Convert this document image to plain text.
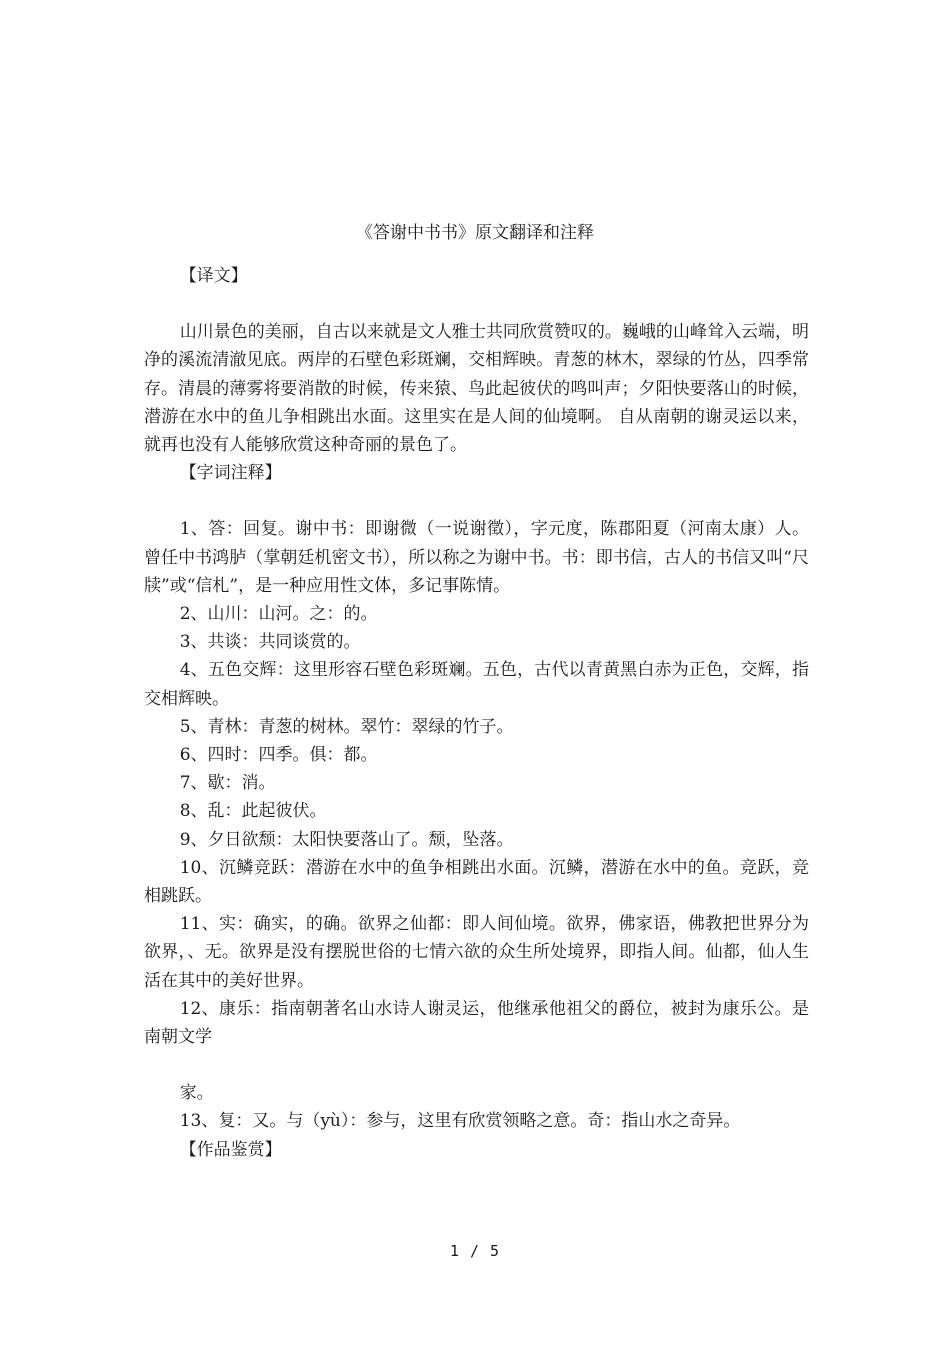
《答谢中书书》原文翻译和注释

【译文】

山川景色的美丽，自古以来就是文人雅士共同欣赏赞叹的。巍峨的山峰耸入云端，明净的溪流清澈见底。两岸的石壁色彩斑斓，交相辉映。青葱的林木，翠绿的竹丛，四季常存。清晨的薄雾将要消散的时候，传来猿、鸟此起彼伏的鸣叫声；夕阳快要落山的时候，潜游在水中的鱼儿争相跳出水面。这里实在是人间的仙境啊。 自从南朝的谢灵运以来，就再也没有人能够欣赏这种奇丽的景色了。

【字词注释】

1、答：回复。谢中书：即谢微（一说谢徵），字元度，陈郡阳夏（河南太康）人。曾任中书鸿胪（掌朝廷机密文书），所以称之为谢中书。书：即书信，古人的书信又叫“尺牍”或“信札”，是一种应用性文体，多记事陈情。

2、山川：山河。之：的。

3、共谈：共同谈赏的。

4、五色交辉：这里形容石壁色彩斑斓。五色，古代以青黄黑白赤为正色，交辉，指交相辉映。

5、青林：青葱的树林。翠竹：翠绿的竹子。

6、四时：四季。俱：都。

7、歇：消。

8、乱：此起彼伏。

9、夕日欲颓：太阳快要落山了。颓，坠落。

10、沉鳞竞跃：潜游在水中的鱼争相跳出水面。沉鳞，潜游在水中的鱼。竞跃，竞相跳跃。

11、实：确实，的确。欲界之仙都：即人间仙境。欲界，佛家语，佛教把世界分为欲界，、无。欲界是没有摆脱世俗的七情六欲的众生所处境界，即指人间。仙都，仙人生活在其中的美好世界。

12、康乐：指南朝著名山水诗人谢灵运，他继承他祖父的爵位，被封为康乐公。是南朝文学

家。

13、复：又。与（yù）：参与，这里有欣赏领略之意。奇：指山水之奇异。

【作品鉴赏】

1 / 5
